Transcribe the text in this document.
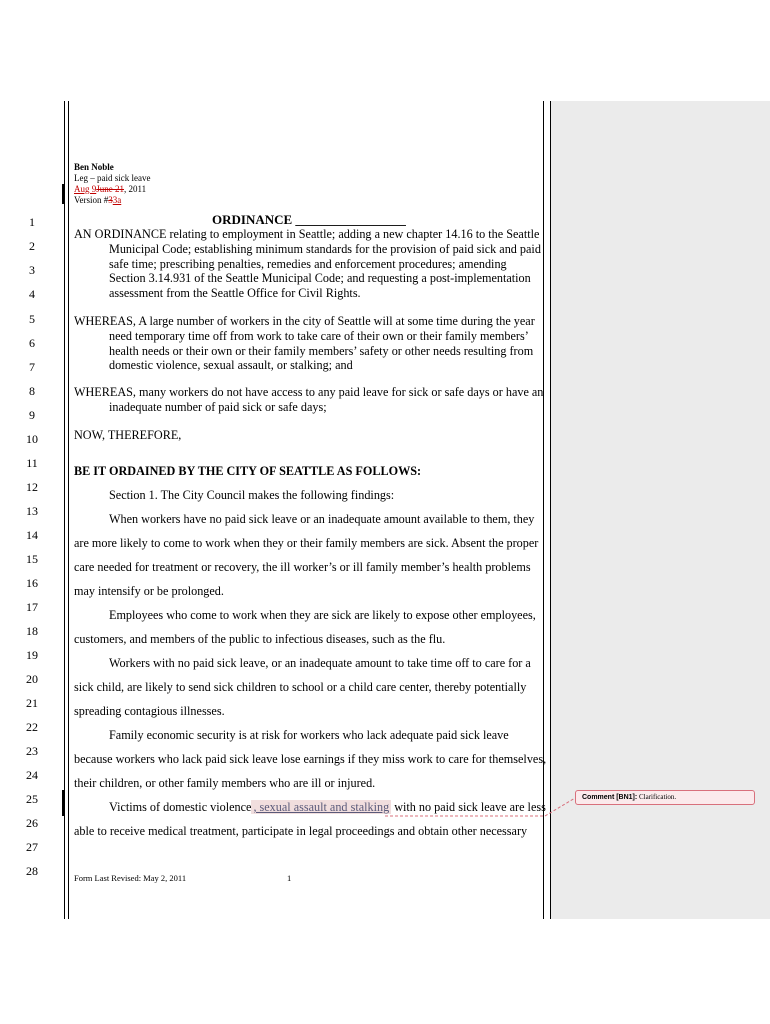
Ben Noble
Leg – paid sick leave
Aug 9June 21, 2011
Version #33a
1
2
3
4
5
6
7
8
9
10
11
12
13
14
15
16
17
18
19
20
21
22
23
24
25
26
27
28
ORDINANCE _________________
AN ORDINANCE relating to employment in Seattle; adding a new chapter 14.16 to the Seattle Municipal Code; establishing minimum standards for the provision of paid sick and paid safe time; prescribing penalties, remedies and enforcement procedures; amending Section 3.14.931 of the Seattle Municipal Code; and requesting a post-implementation assessment from the Seattle Office for Civil Rights.
WHEREAS, A large number of workers in the city of Seattle will at some time during the year need temporary time off from work to take care of their own or their family members’ health needs or their own or their family members’ safety or other needs resulting from domestic violence, sexual assault, or stalking; and
WHEREAS, many workers do not have access to any paid leave for sick or safe days or have an inadequate number of paid sick or safe days;
NOW, THEREFORE,
BE IT ORDAINED BY THE CITY OF SEATTLE AS FOLLOWS:
Section 1. The City Council makes the following findings:
When workers have no paid sick leave or an inadequate amount available to them, they
are more likely to come to work when they or their family members are sick. Absent the proper
care needed for treatment or recovery, the ill worker’s or ill family member’s health problems
may intensify or be prolonged.
Employees who come to work when they are sick are likely to expose other employees,
customers, and members of the public to infectious diseases, such as the flu.
Workers with no paid sick leave, or an inadequate amount to take time off to care for a
sick child, are likely to send sick children to school or a child care center, thereby potentially
spreading contagious illnesses.
Family economic security is at risk for workers who lack adequate paid sick leave
because workers who lack paid sick leave lose earnings if they miss work to care for themselves,
their children, or other family members who are ill or injured.
Victims of domestic violence , sexual assault and stalking with no paid sick leave are less
able to receive medical treatment, participate in legal proceedings and obtain other necessary
Comment [BN1]: Clarification.
Form Last Revised: May 2, 2011	1
